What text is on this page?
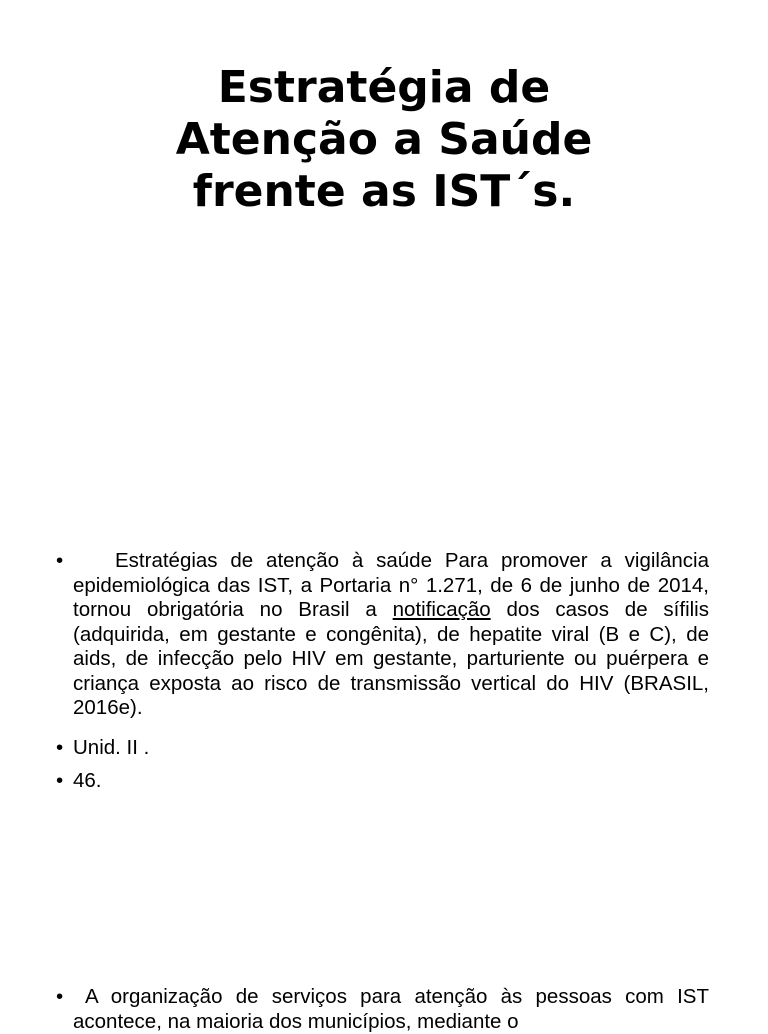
Estratégia de
Atenção a Saúde
frente as IST´s.
•	Estratégias de atenção à saúde Para promover a vigilância epidemiológica das IST, a Portaria n° 1.271, de 6 de junho de 2014, tornou obrigatória no Brasil a notificação dos casos de sífilis (adquirida, em gestante e congênita), de hepatite viral (B e C), de aids, de infecção pelo HIV em gestante, parturiente ou puérpera e criança exposta ao risco de transmissão vertical do HIV (BRASIL, 2016e).
• Unid. II .
• 46.
•	A organização de serviços para atenção às pessoas com IST acontece, na maioria dos municípios, mediante o
